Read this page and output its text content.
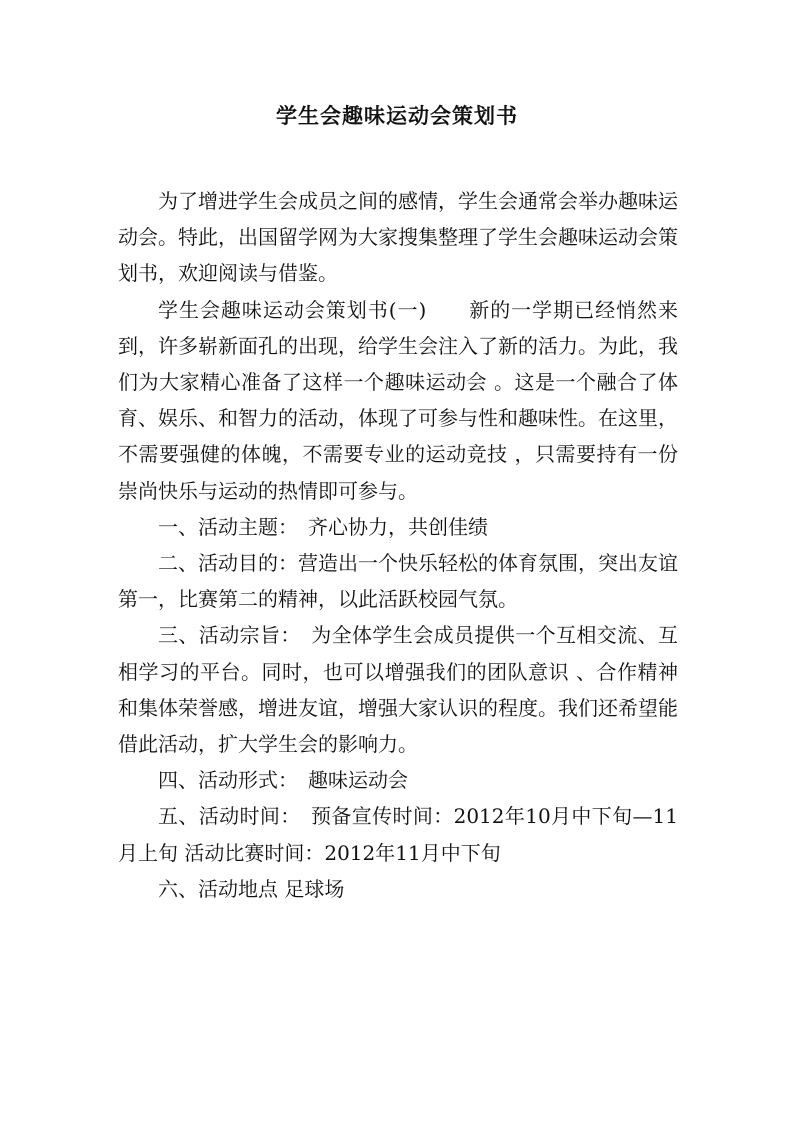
学生会趣味运动会策划书

为了增进学生会成员之间的感情，学生会通常会举办趣味运动会。特此，出国留学网为大家搜集整理了学生会趣味运动会策划书，欢迎阅读与借鉴。

学生会趣味运动会策划书(一)　　新的一学期已经悄然来到，许多崭新面孔的出现，给学生会注入了新的活力。为此，我们为大家精心准备了这样一个趣味运动会 。这是一个融合了体育、娱乐、和智力的活动，体现了可参与性和趣味性。在这里，不需要强健的体魄，不需要专业的运动竞技 ，只需要持有一份崇尚快乐与运动的热情即可参与。

一、活动主题：　齐心协力，共创佳绩

二、活动目的：营造出一个快乐轻松的体育氛围，突出友谊第一，比赛第二的精神，以此活跃校园气氛。

三、活动宗旨：　为全体学生会成员提供一个互相交流、互相学习的平台。同时，也可以增强我们的团队意识 、合作精神和集体荣誉感，增进友谊，增强大家认识的程度。我们还希望能借此活动，扩大学生会的影响力。

四、活动形式：　趣味运动会

五、活动时间：　预备宣传时间：2012年10月中下旬—11月上旬 活动比赛时间：2012年11月中下旬

六、活动地点 足球场
